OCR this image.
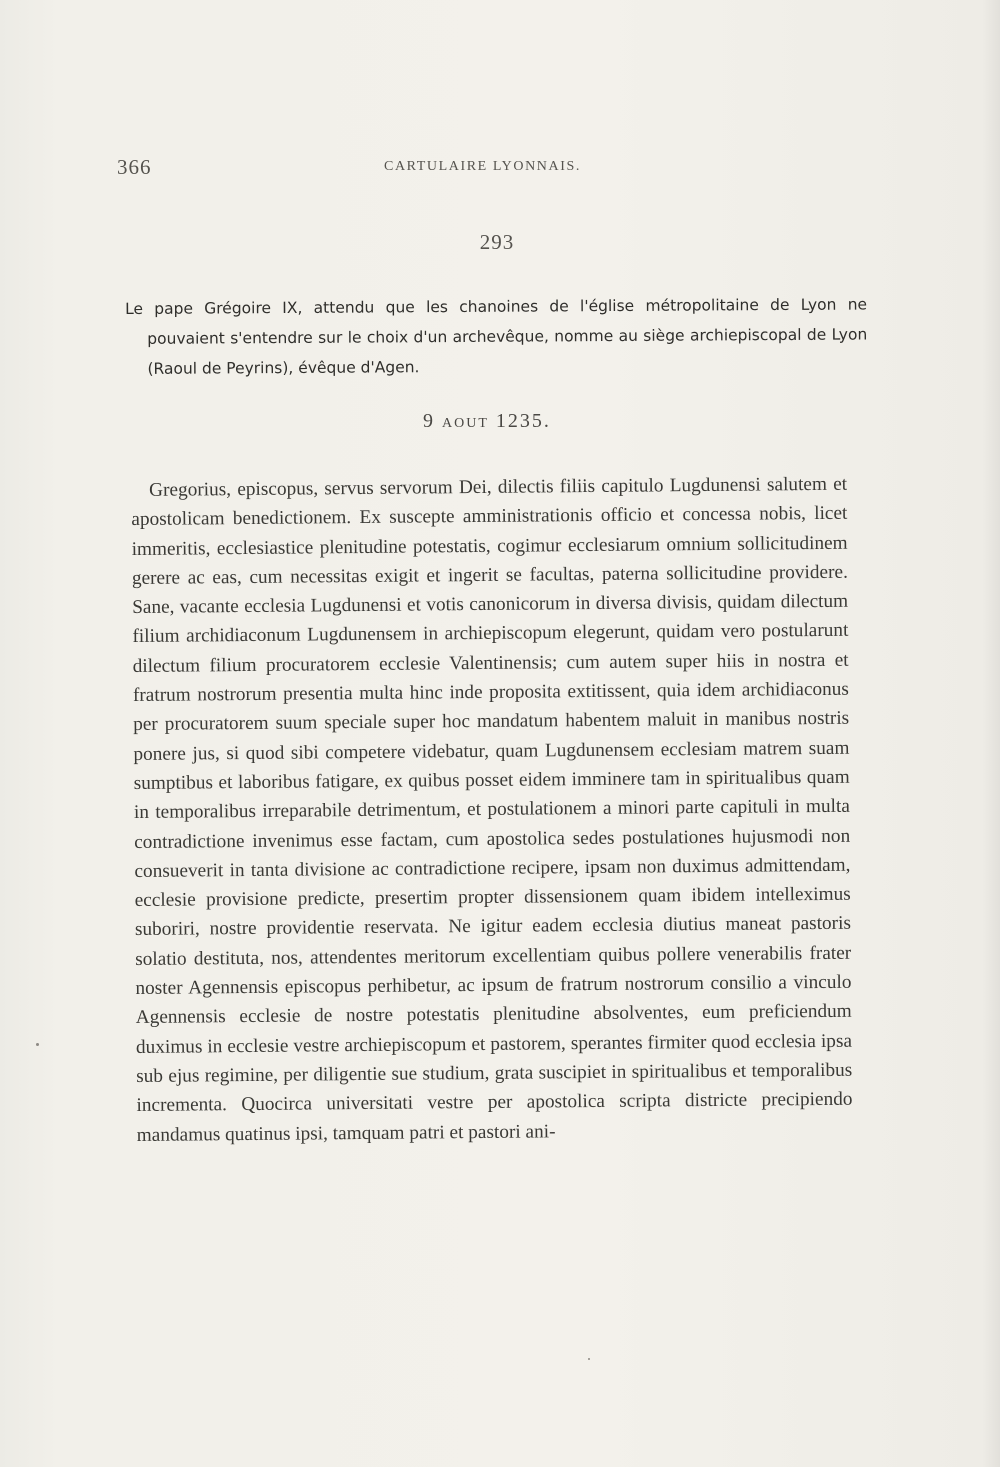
366	CARTULAIRE LYONNAIS.
293
Le pape Grégoire IX, attendu que les chanoines de l'église métropolitaine de Lyon ne pouvaient s'entendre sur le choix d'un archevêque, nomme au siège archiepiscopal de Lyon (Raoul de Peyrins), évêque d'Agen.
9 aout 1235.
Gregorius, episcopus, servus servorum Dei, dilectis filiis capitulo Lugdunensi salutem et apostolicam benedictionem. Ex suscepte amministrationis officio et concessa nobis, licet immeritis, ecclesiastice plenitudine potestatis, cogimur ecclesiarum omnium sollicitudinem gerere ac eas, cum necessitas exigit et ingerit se facultas, paterna sollicitudine providere. Sane, vacante ecclesia Lugdunensi et votis canonicorum in diversa divisis, quidam dilectum filium archidiaconum Lugdunensem in archiepiscopum elegerunt, quidam vero postularunt dilectum filium procuratorem ecclesie Valentinensis; cum autem super hiis in nostra et fratrum nostrorum presentia multa hinc inde proposita extitissent, quia idem archidiaconus per procuratorem suum speciale super hoc mandatum habentem maluit in manibus nostris ponere jus, si quod sibi competere videbatur, quam Lugdunensem ecclesiam matrem suam sumptibus et laboribus fatigare, ex quibus posset eidem imminere tam in spiritualibus quam in temporalibus irreparabile detrimentum, et postulationem a minori parte capituli in multa contradictione invenimus esse factam, cum apostolica sedes postulationes hujusmodi non consueverit in tanta divisione ac contradictione recipere, ipsam non duximus admittendam, ecclesie provisione predicte, presertim propter dissensionem quam ibidem intelleximus suboriri, nostre providentie reservata. Ne igitur eadem ecclesia diutius maneat pastoris solatio destituta, nos, attendentes meritorum excellentiam quibus pollere venerabilis frater noster Agennensis episcopus perhibetur, ac ipsum de fratrum nostrorum consilio a vinculo Agennensis ecclesie de nostre potestatis plenitudine absolventes, eum preficiendum duximus in ecclesie vestre archiepiscopum et pastorem, sperantes firmiter quod ecclesia ipsa sub ejus regimine, per diligentie sue studium, grata suscipiet in spiritualibus et temporalibus incrementa. Quocirca universitati vestre per apostolica scripta districte precipiendo mandamus quatinus ipsi, tamquam patri et pastori ani-
